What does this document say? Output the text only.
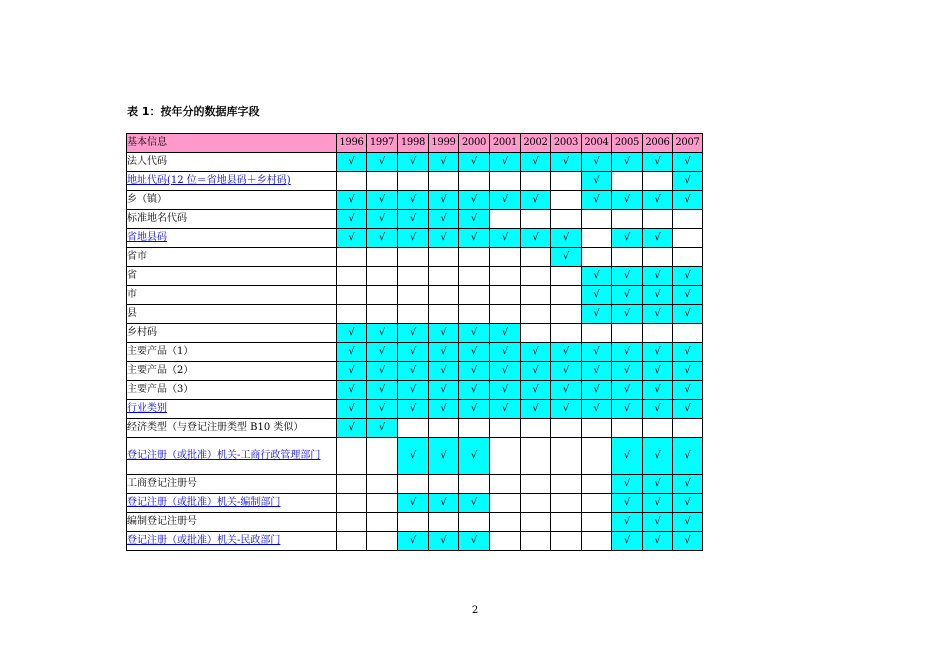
表 1：按年分的数据库字段
基本信息	1996	1997	1998	1999	2000	2001	2002	2003	2004	2005	2006	2007
法人代码	√	√	√	√	√	√	√	√	√	√	√	√
地址代码(12 位＝省地县码＋乡村码)									√			√
乡（镇）	√	√	√	√	√	√	√		√	√	√	√
标准地名代码	√	√	√	√	√							
省地县码	√	√	√	√	√	√	√	√		√	√	
省市								√				
省									√	√	√	√
市									√	√	√	√
县									√	√	√	√
乡村码	√	√	√	√	√	√						
主要产品（1）	√	√	√	√	√	√	√	√	√	√	√	√
主要产品（2）	√	√	√	√	√	√	√	√	√	√	√	√
主要产品（3）	√	√	√	√	√	√	√	√	√	√	√	√
行业类别	√	√	√	√	√	√	√	√	√	√	√	√
经济类型（与登记注册类型 B10 类似）	√	√										
登记注册（或批准）机关-工商行政管理部门			√	√	√					√	√	√
工商登记注册号										√	√	√
登记注册（或批准）机关-编制部门			√	√	√					√	√	√
编制登记注册号										√	√	√
登记注册（或批准）机关-民政部门			√	√	√					√	√	√
2
